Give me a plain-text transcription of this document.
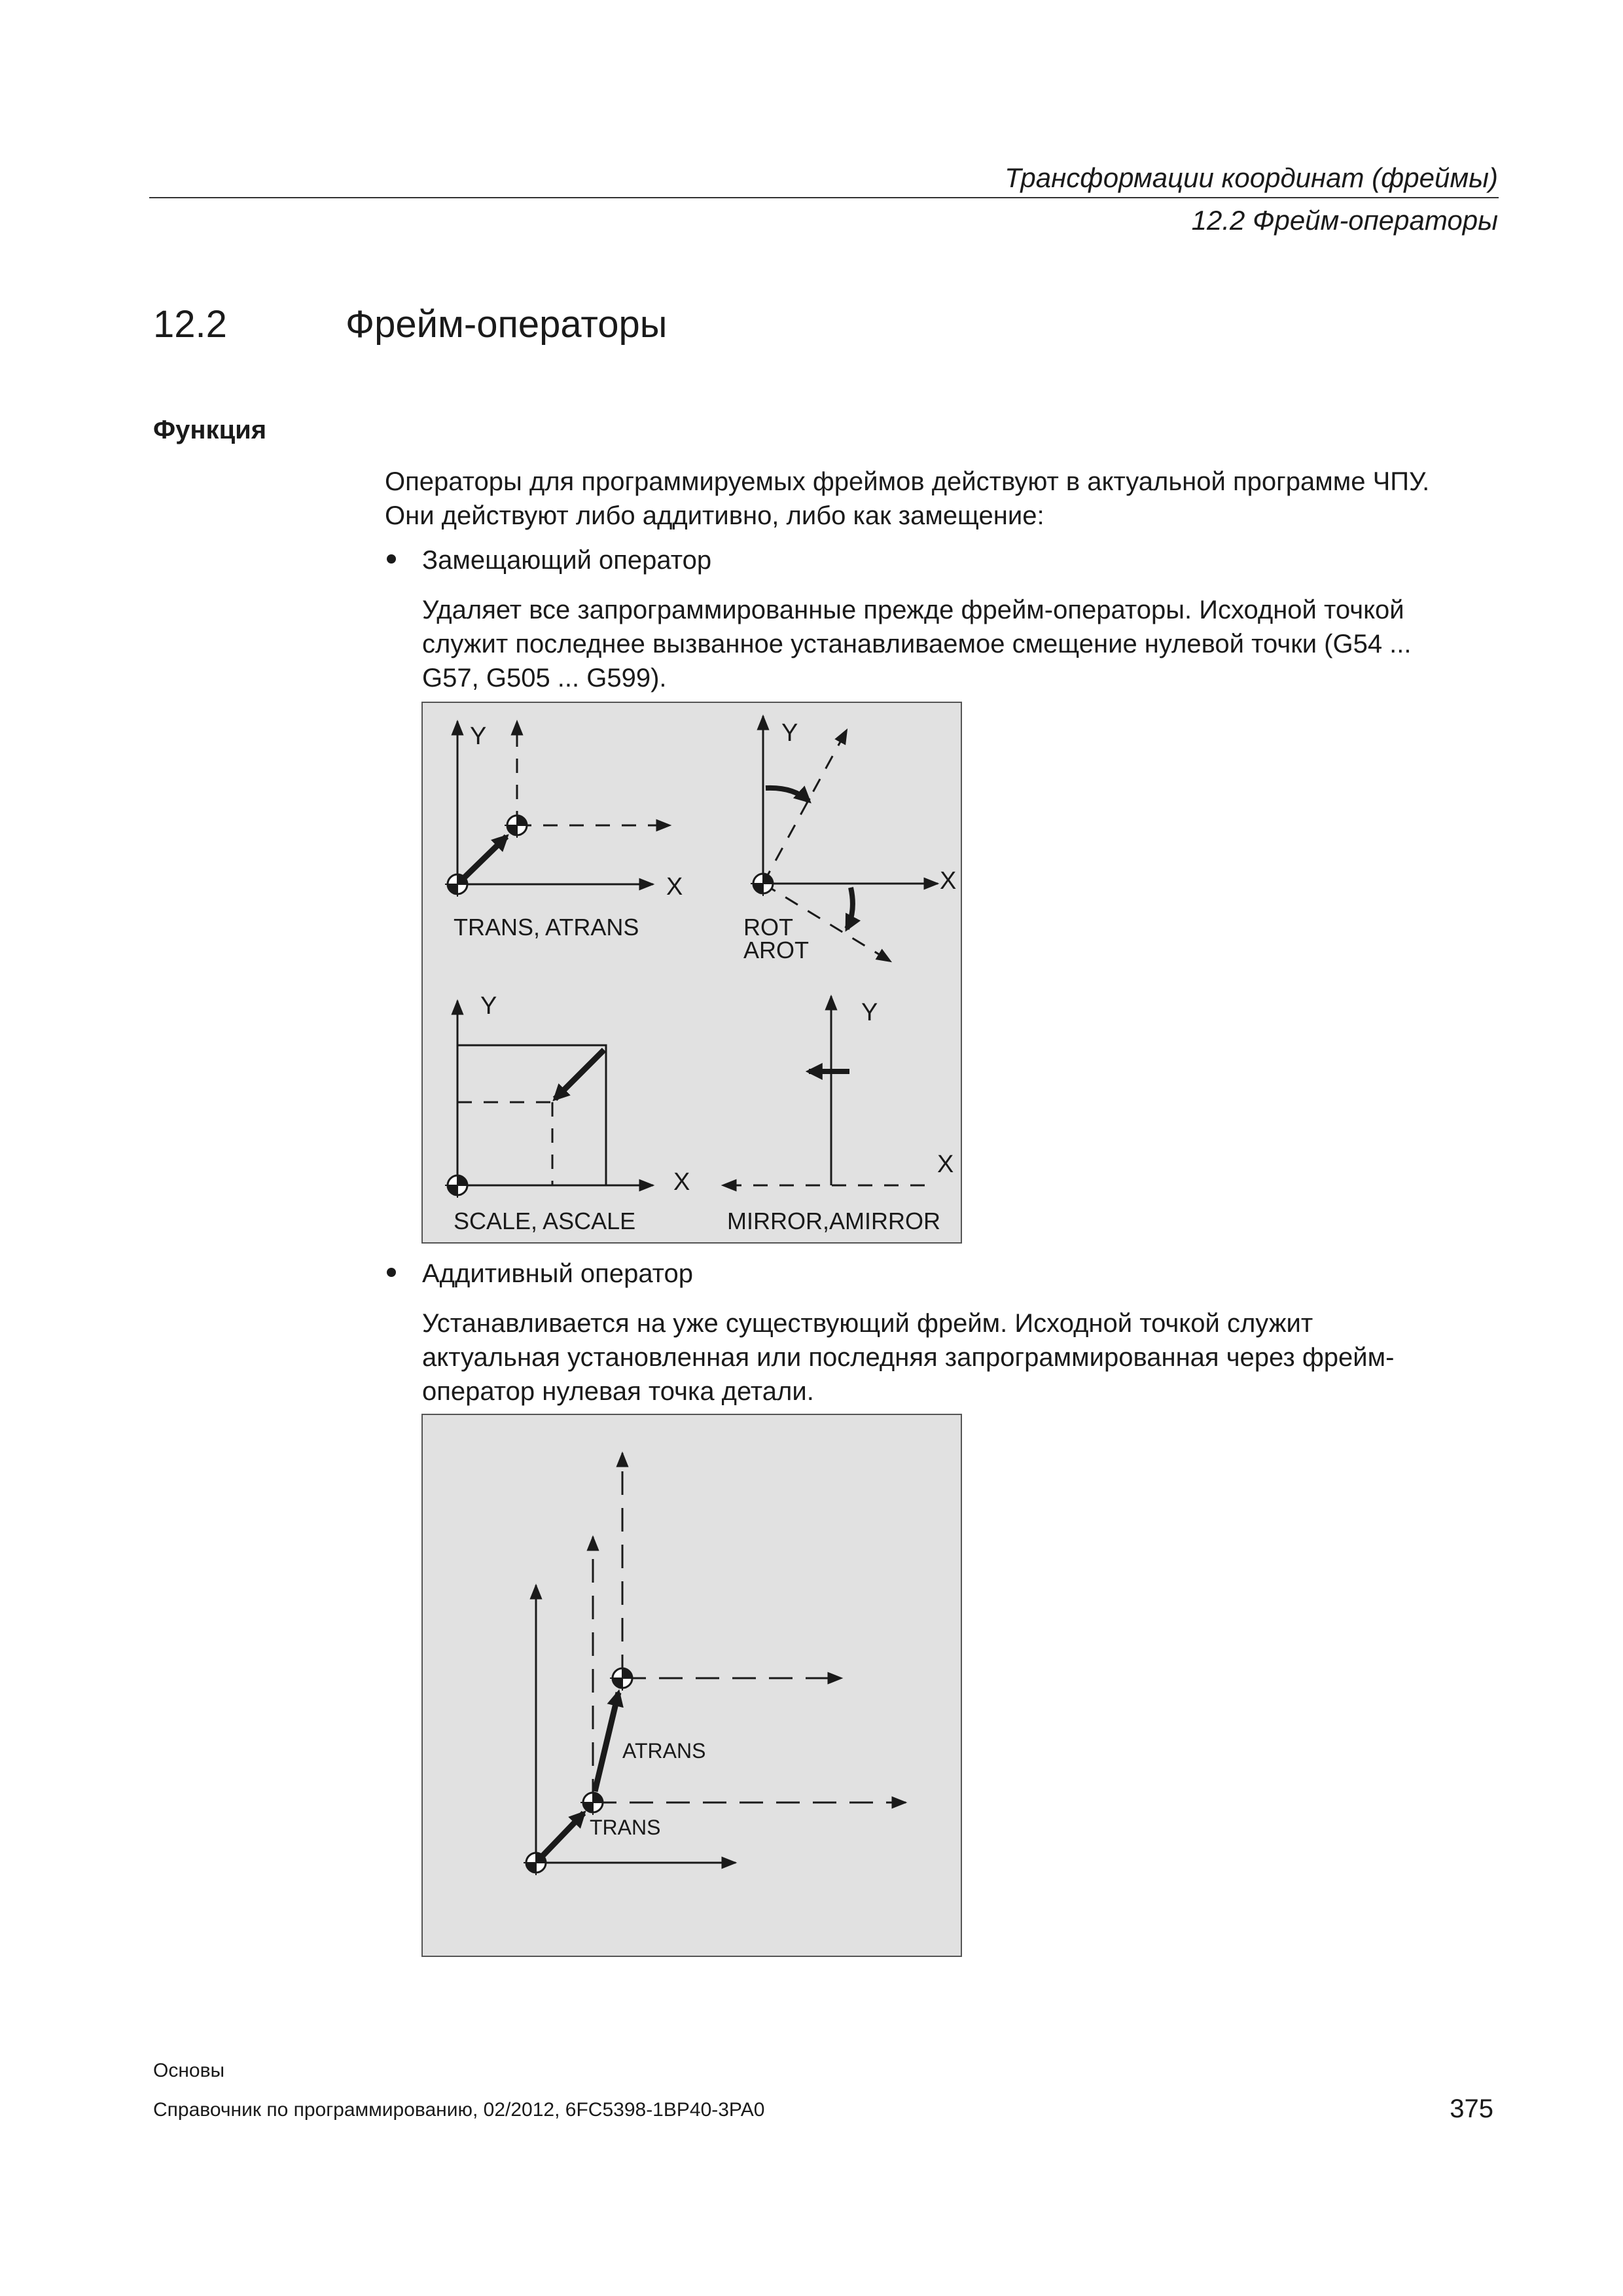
Трансформации координат (фреймы)
12.2 Фрейм-операторы
12.2	Фрейм-операторы
Функция
Операторы для программируемых фреймов действуют в актуальной программе ЧПУ.
Они действуют либо аддитивно, либо как замещение:
Замещающий оператор
Удаляет все запрограммированные прежде фрейм-операторы. Исходной точкой
служит последнее вызванное устанавливаемое смещение нулевой точки (G54 ...
G57, G505 ... G599).
Y
X
TRANS, ATRANS
Y
X
ROT
AROT
Y
X
SCALE, ASCALE
Y
X
MIRROR,AMIRROR
Аддитивный оператор
Устанавливается на уже существующий фрейм. Исходной точкой служит
актуальная установленная или последняя запрограммированная через фрейм-
оператор нулевая точка детали.
ATRANS
TRANS
Основы
Справочник по программированию, 02/2012, 6FC5398-1BP40-3PA0	375
